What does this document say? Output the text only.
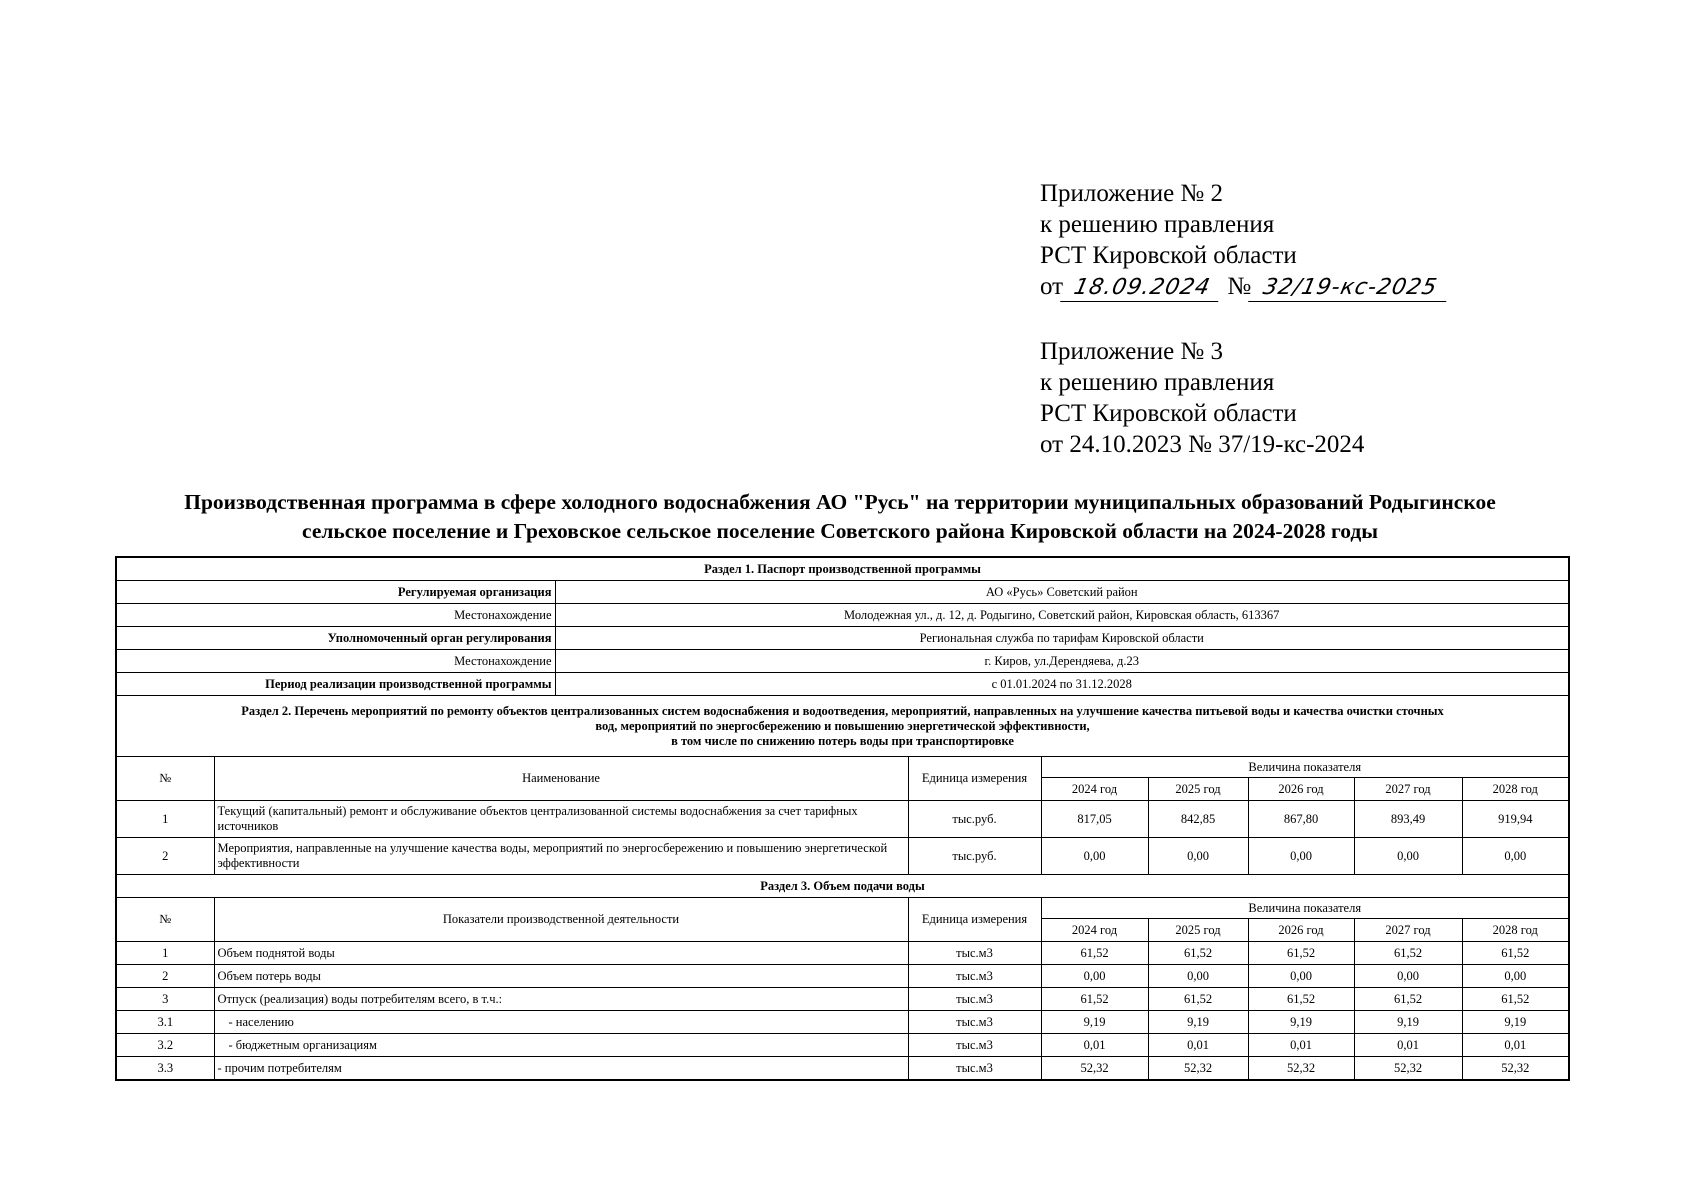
Приложение № 2
к решению правления
РСТ Кировской области
от 18.09.2024 № 32/19-кс-2025
Приложение № 3
к решению правления
РСТ Кировской области
от 24.10.2023 № 37/19-кс-2024
Производственная программа в сфере холодного водоснабжения АО "Русь" на территории муниципальных образований Родыгинское
сельское поселение и Греховское сельское поселение Советского района Кировской области на 2024-2028 годы
Раздел 1. Паспорт производственной программы								
Регулируемая организация		АО «Русь» Советский район						
Местонахождение		Молодежная ул., д. 12, д. Родыгино, Советский район, Кировская область, 613367						
Уполномоченный орган регулирования		Региональная служба по тарифам Кировской области						
Местонахождение		г. Киров, ул.Дерендяева, д.23						
Период реализации производственной программы		с 01.01.2024 по 31.12.2028						

Раздел 2. Перечень мероприятий по ремонту объектов централизованных систем водоснабжения и водоотведения, мероприятий, направленных на улучшение качества питьевой воды и качества очистки сточных
вод, мероприятий по энергосбережению и повышению энергетической эффективности,
в том числе по снижению потерь воды при транспортировке								

№	Наименование		Единица измерения	Величина показателя				
				2024 год	2025 год	2026 год	2027 год	2028 год
1	Текущий (капитальный) ремонт и обслуживание объектов централизованной системы водоснабжения за счет тарифных источников		тыс.руб.	817,05	842,85	867,80	893,49	919,94
2	Мероприятия, направленные на улучшение качества воды, мероприятий по энергосбережению и повышению энергетической эффективности		тыс.руб.	0,00	0,00	0,00	0,00	0,00
Раздел 3. Объем подачи воды								
№	Показатели производственной деятельности		Единица измерения	Величина показателя				
				2024 год	2025 год	2026 год	2027 год	2028 год
1	Объем поднятой воды		тыс.м3	61,52	61,52	61,52	61,52	61,52
2	Объем потерь воды		тыс.м3	0,00	0,00	0,00	0,00	0,00
3	Отпуск (реализация) воды потребителям всего, в т.ч.:		тыс.м3	61,52	61,52	61,52	61,52	61,52
3.1	- населению		тыс.м3	9,19	9,19	9,19	9,19	9,19
3.2	- бюджетным организациям		тыс.м3	0,01	0,01	0,01	0,01	0,01
3.3	- прочим потребителям		тыс.м3	52,32	52,32	52,32	52,32	52,32
